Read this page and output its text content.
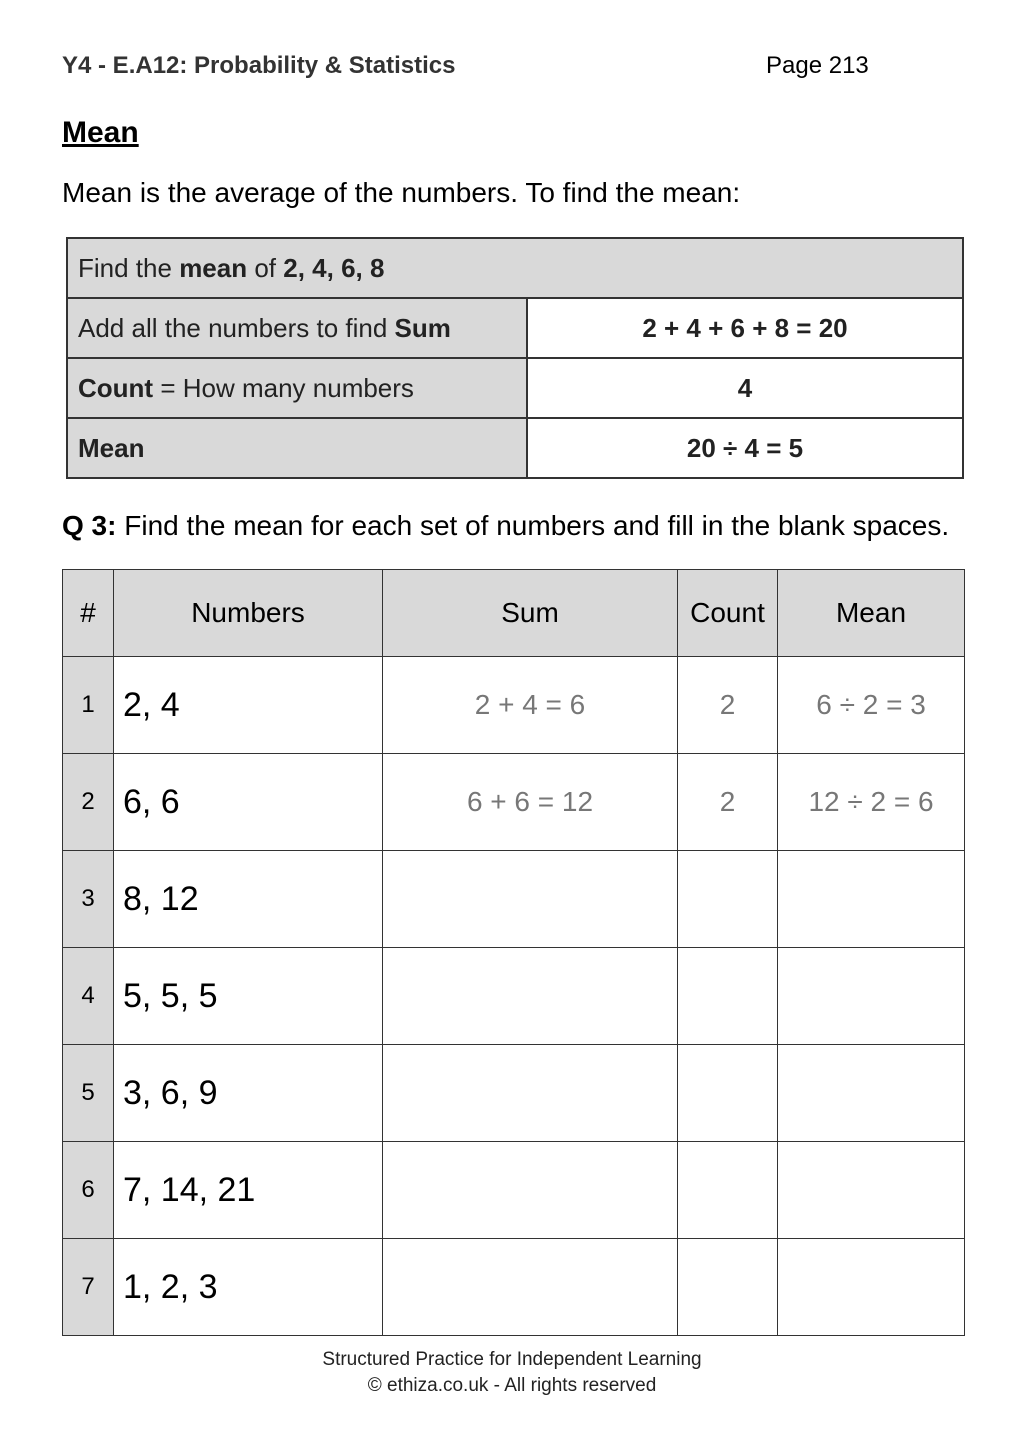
Y4 - E.A12: Probability & Statistics	Page 213
Mean
Mean is the average of the numbers. To find the mean:
Find the mean of 2, 4, 6, 8	
Add all the numbers to find Sum	2 + 4 + 6 + 8 = 20
Count = How many numbers	4
Mean	20 ÷ 4 = 5
Q 3: Find the mean for each set of numbers and fill in the blank spaces.
#	Numbers	Sum	Count	Mean
1	2, 4	2 + 4 = 6	2	6 ÷ 2 = 3
2	6, 6	6 + 6 = 12	2	12 ÷ 2 = 6
3	8, 12			
4	5, 5, 5			
5	3, 6, 9			
6	7, 14, 21			
7	1, 2, 3			
Structured Practice for Independent Learning
© ethiza.co.uk - All rights reserved
